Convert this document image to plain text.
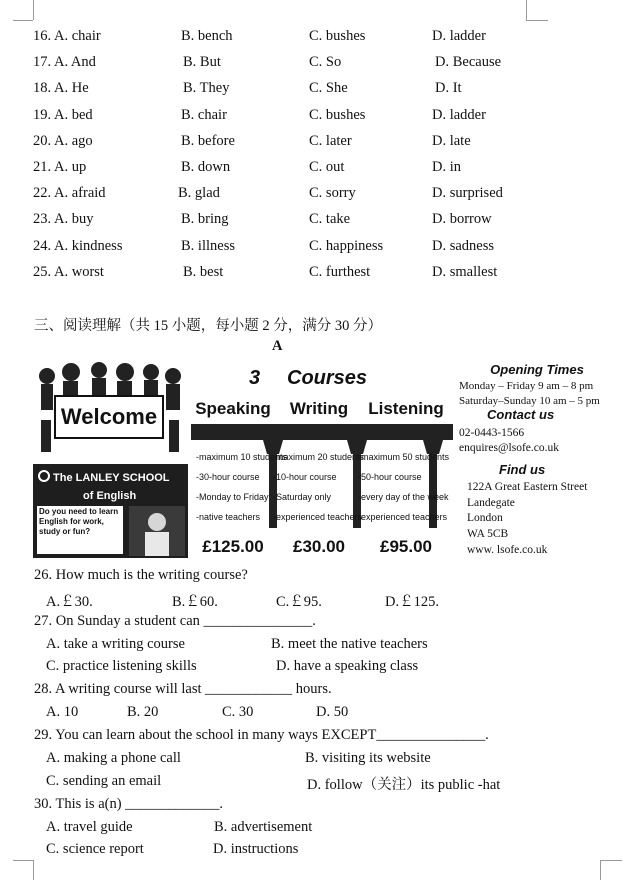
16. A. chair	B. bench	C. bushes	D. ladder
17. A. And	B. But	C. So	D. Because
18. A. He	B. They	C. She	D. It
19. A. bed	B. chair	C. bushes	D. ladder
20. A. ago	B. before	C. later	D. late
21. A. up	B. down	C. out	D. in
22. A. afraid	B. glad	C. sorry	D. surprised
23. A. buy	B. bring	C. take	D. borrow
24. A. kindness	B. illness	C. happiness	D. sadness
25. A. worst	B. best	C. furthest	D. smallest
三、阅读理解（共 15 小题，每小题 2 分，满分 30 分）
A
Welcome
The LANLEY SCHOOL
of English
Do you need to learn English for work, study or fun?
3 Courses
Speaking
-maximum 10 students
-30-hour course
-Monday to Friday
-native teachers
£125.00
Writing
-maximum 20 students
-10-hour course
-Saturday only
-experienced teachers
£30.00
Listening
-maximum 50 students
-50-hour course
-every day of the week
-experienced teachers
£95.00
Opening Times
Monday – Friday 9 am – 8 pm
Saturday–Sunday 10 am – 5 pm
Contact us
02-0443-1566
enquires@lsofe.co.uk
Find us
122A Great Eastern Street
Landegate
London
WA 5CB
www. lsofe.co.uk
26. How much is the writing course?
A.￡30.	B.￡60.	C.￡95.	D.￡125.
27. On Sunday a student can _______________.
A. take a writing course	B. meet the native teachers
C. practice listening skills	D. have a speaking class
28. A writing course will last ____________ hours.
A. 10	B. 20	C. 30	D. 50
29. You can learn about the school in many ways EXCEPT_______________.
A. making a phone call	B. visiting its website
C. sending an email	D. follow（关注）its public -hat
30. This is a(n) _____________.
A. travel guide	B. advertisement
C. science report	D. instructions
